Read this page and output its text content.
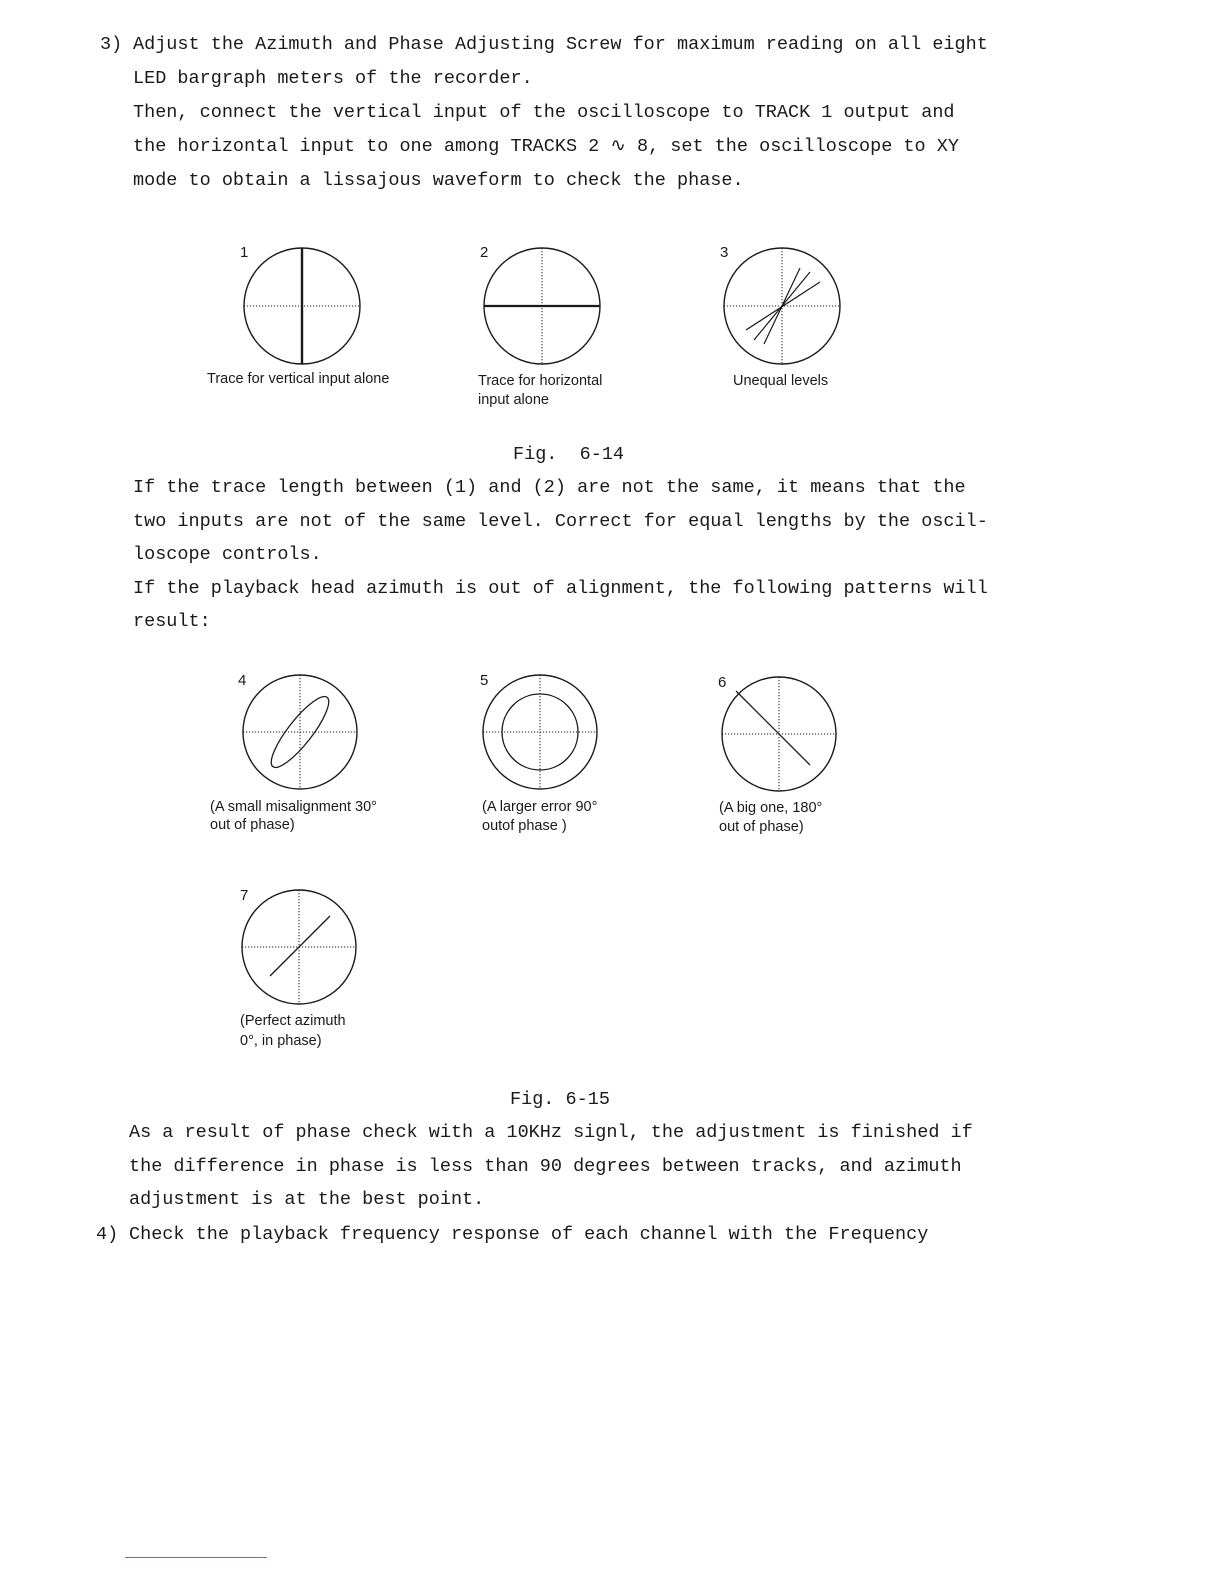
3) Adjust the Azimuth and Phase Adjusting Screw for maximum reading on all eight
LED bargraph meters of the recorder.
Then, connect the vertical input of the oscilloscope to TRACK 1 output and
the horizontal input to one among TRACKS 2 ∿ 8, set the oscilloscope to XY
mode to obtain a lissajous waveform to check the phase.
1	2	3
Trace for vertical input alone	Trace for horizontal
input alone
Unequal levels
Fig.  6-14
If the trace length between (1) and (2) are not the same, it means that the
two inputs are not of the same level. Correct for equal lengths by the oscil-
loscope controls.
If the playback head azimuth is out of alignment, the following patterns will
result:
4	5	6
7
(A small misalignment 30°
out of phase)
(A larger error 90°
outof phase )
(A big one, 180°
out of phase)
(Perfect azimuth
0°, in phase)
Fig. 6-15
As a result of phase check with a 10KHz signl, the adjustment is finished if
the difference in phase is less than 90 degrees between tracks, and azimuth
adjustment is at the best point.
4) Check the playback frequency response of each channel with the Frequency
